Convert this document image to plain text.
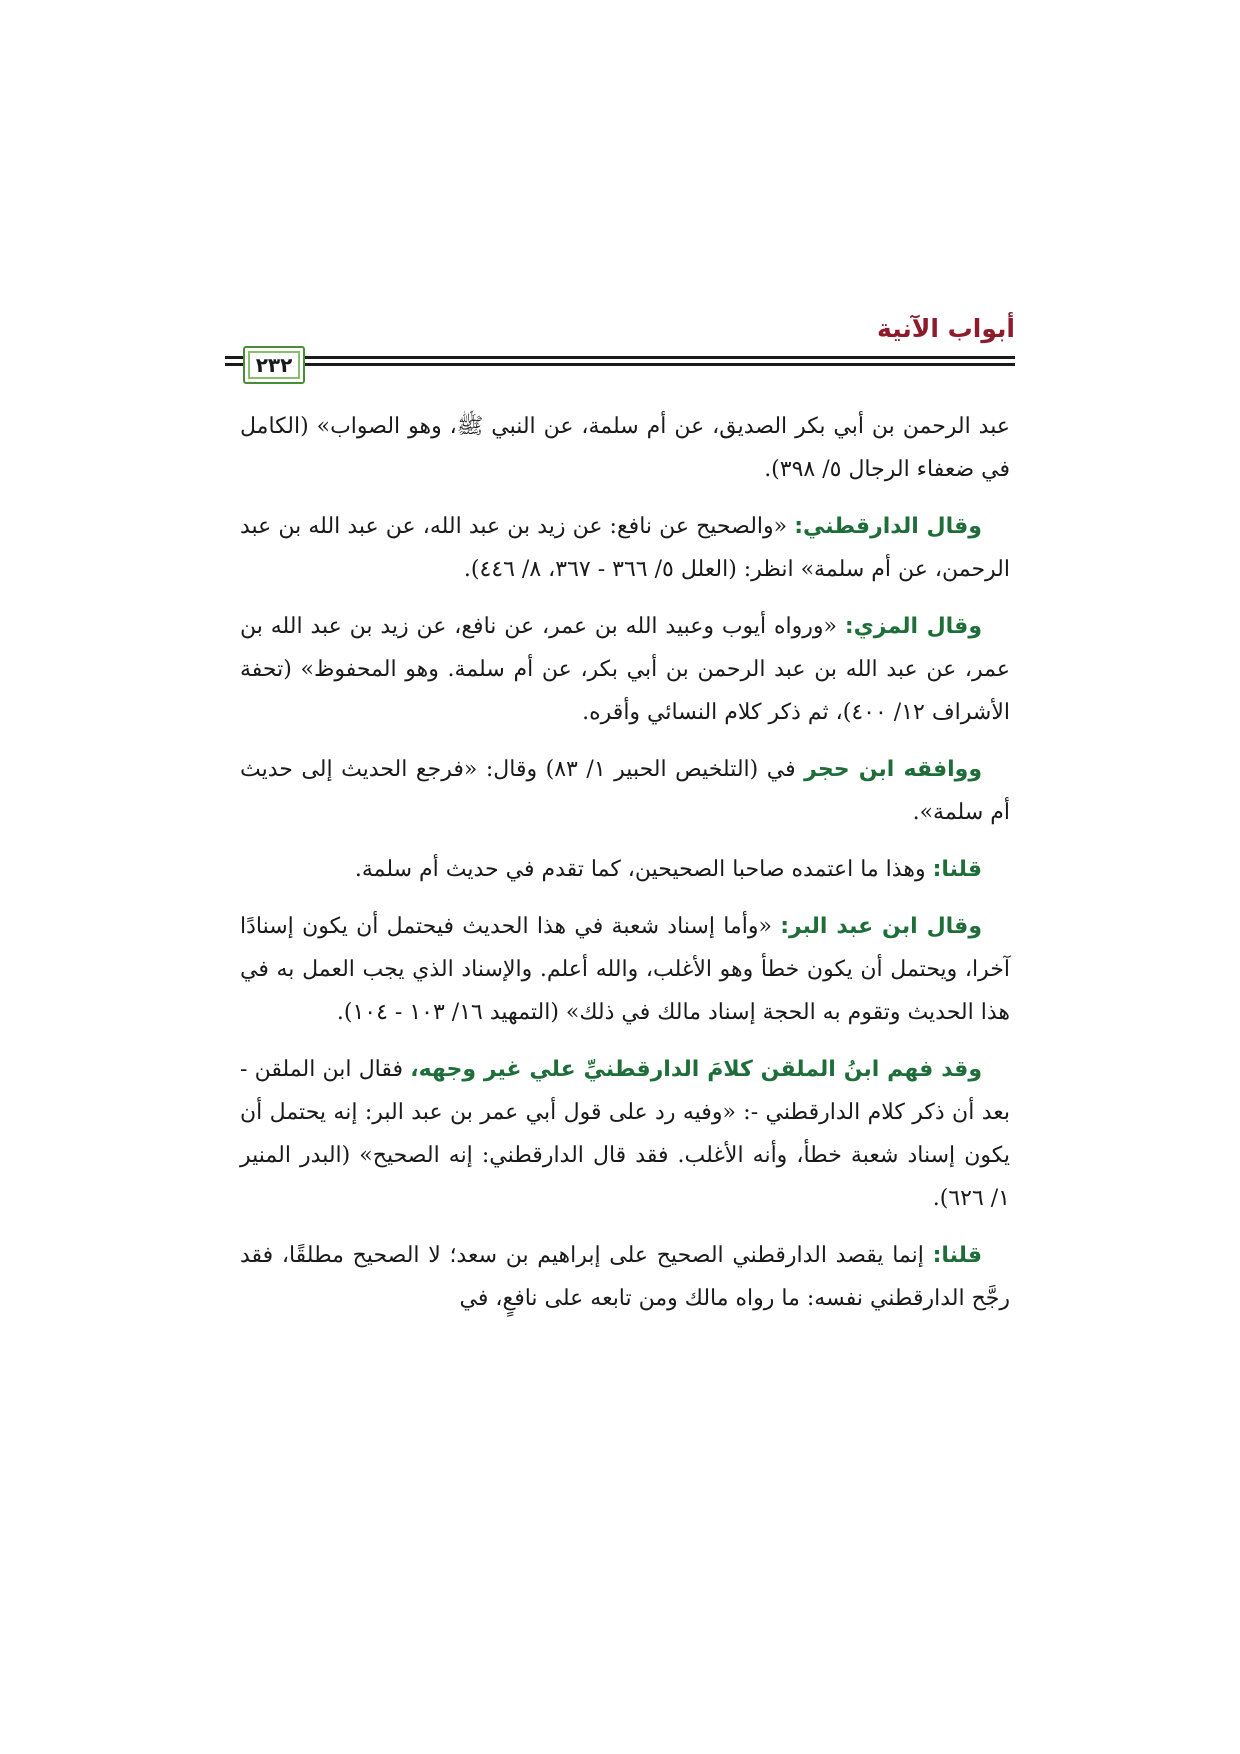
أبواب الآنية
٢٣٢

عبد الرحمن بن أبي بكر الصديق، عن أم سلمة، عن النبي ﷺ، وهو الصواب» (الكامل في ضعفاء الرجال ٥/ ٣٩٨).

وقال الدارقطني: «والصحيح عن نافع: عن زيد بن عبد الله، عن عبد الله بن عبد الرحمن، عن أم سلمة» انظر: (العلل ٥/ ٣٦٦ - ٣٦٧، ٨/ ٤٤٦).

وقال المزي: «ورواه أيوب وعبيد الله بن عمر، عن نافع، عن زيد بن عبد الله بن عمر، عن عبد الله بن عبد الرحمن بن أبي بكر، عن أم سلمة. وهو المحفوظ» (تحفة الأشراف ١٢/ ٤٠٠)، ثم ذكر كلام النسائي وأقره.

ووافقه ابن حجر في (التلخيص الحبير ١/ ٨٣) وقال: «فرجع الحديث إلى حديث أم سلمة».

قلنا: وهذا ما اعتمده صاحبا الصحيحين، كما تقدم في حديث أم سلمة.

وقال ابن عبد البر: «وأما إسناد شعبة في هذا الحديث فيحتمل أن يكون إسنادًا آخرا، ويحتمل أن يكون خطأ وهو الأغلب، والله أعلم. والإسناد الذي يجب العمل به في هذا الحديث وتقوم به الحجة إسناد مالك في ذلك» (التمهيد ١٦/ ١٠٣ - ١٠٤).

وقد فهم ابنُ الملقن كلامَ الدارقطنيِّ علي غير وجهه، فقال ابن الملقن - بعد أن ذكر كلام الدارقطني -: «وفيه رد على قول أبي عمر بن عبد البر: إنه يحتمل أن يكون إسناد شعبة خطأ، وأنه الأغلب. فقد قال الدارقطني: إنه الصحيح» (البدر المنير ١/ ٦٢٦).

قلنا: إنما يقصد الدارقطني الصحيح على إبراهيم بن سعد؛ لا الصحيح مطلقًا، فقد رجَّح الدارقطني نفسه: ما رواه مالك ومن تابعه على نافعٍ، في
